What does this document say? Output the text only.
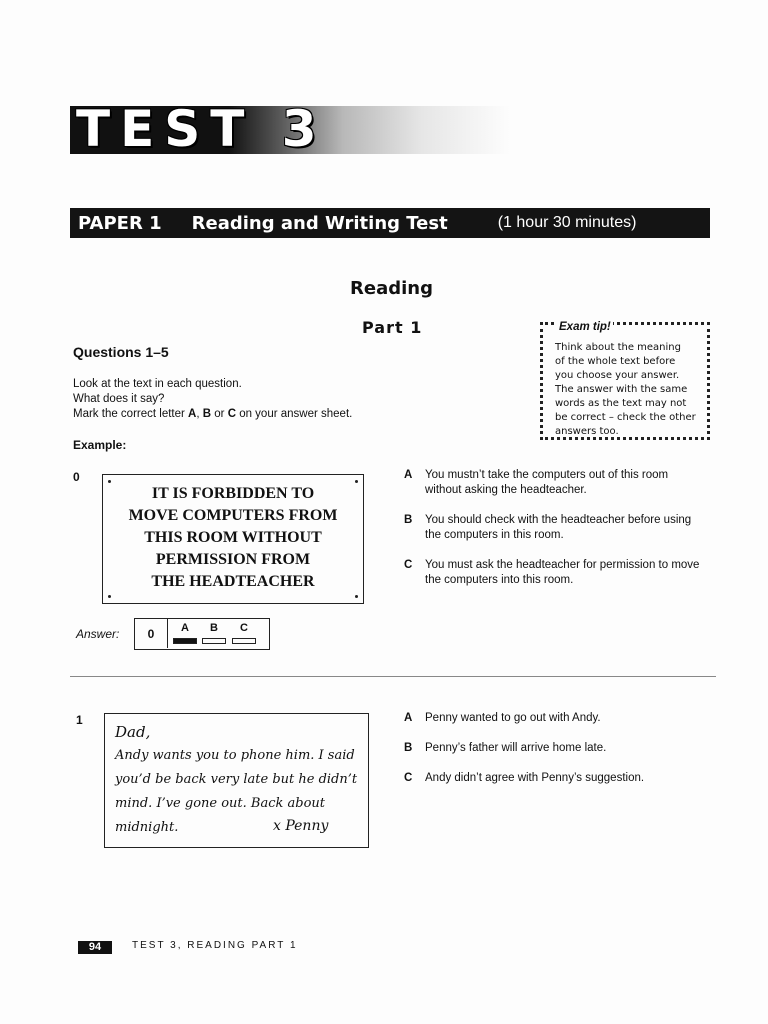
TEST 3
PAPER 1 Reading and Writing Test	(1 hour 30 minutes)
Reading
Part 1
Questions 1–5
Look at the text in each question.
What does it say?
Mark the correct letter A, B or C on your answer sheet.
Example:
Exam tip!
Think about the meaning
of the whole text before
you choose your answer.
The answer with the same
words as the text may not
be correct – check the other
answers too.
0
IT IS FORBIDDEN TO
MOVE COMPUTERS FROM
THIS ROOM WITHOUT
PERMISSION FROM
THE HEADTEACHER
A You mustn’t take the computers out of this room without asking the headteacher.
B You should check with the headteacher before using the computers in this room.
C You must ask the headteacher for permission to move the computers into this room.
Answer:	0	A	B	C
1
Dad,
Andy wants you to phone him. I said
you’d be back very late but he didn’t
mind. I’ve gone out. Back about
midnight.	x Penny
A Penny wanted to go out with Andy.
B Penny’s father will arrive home late.
C Andy didn’t agree with Penny’s suggestion.
94	TEST 3, READING PART 1
